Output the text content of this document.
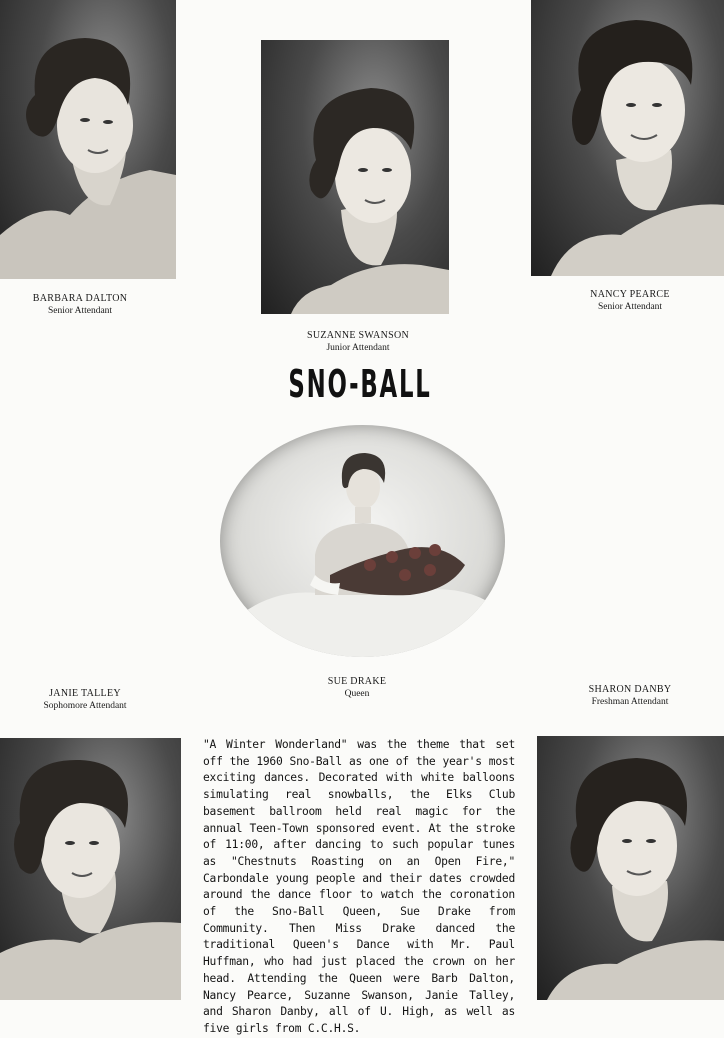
SNO-BALL
BARBARA DALTON
Senior Attendant
SUZANNE SWANSON
Junior Attendant
NANCY PEARCE
Senior Attendant
SUE DRAKE
Queen
JANIE TALLEY
Sophomore Attendant
SHARON DANBY
Freshman Attendant

"A Winter Wonderland" was the theme that set off the 1960 Sno-Ball as one of the year's most exciting dances. Decorated with white balloons simulating real snowballs, the Elks Club basement ballroom held real magic for the annual Teen-Town sponsored event. At the stroke of 11:00, after dancing to such popular tunes as "Chestnuts Roasting on an Open Fire," Carbondale young people and their dates crowded around the dance floor to watch the coronation of the Sno-Ball Queen, Sue Drake from Community. Then Miss Drake danced the traditional Queen's Dance with Mr. Paul Huffman, who had just placed the crown on her head. Attending the Queen were Barb Dalton, Nancy Pearce, Suzanne Swanson, Janie Talley, and Sharon Danby, all of U. High, as well as five girls from C.C.H.S.
